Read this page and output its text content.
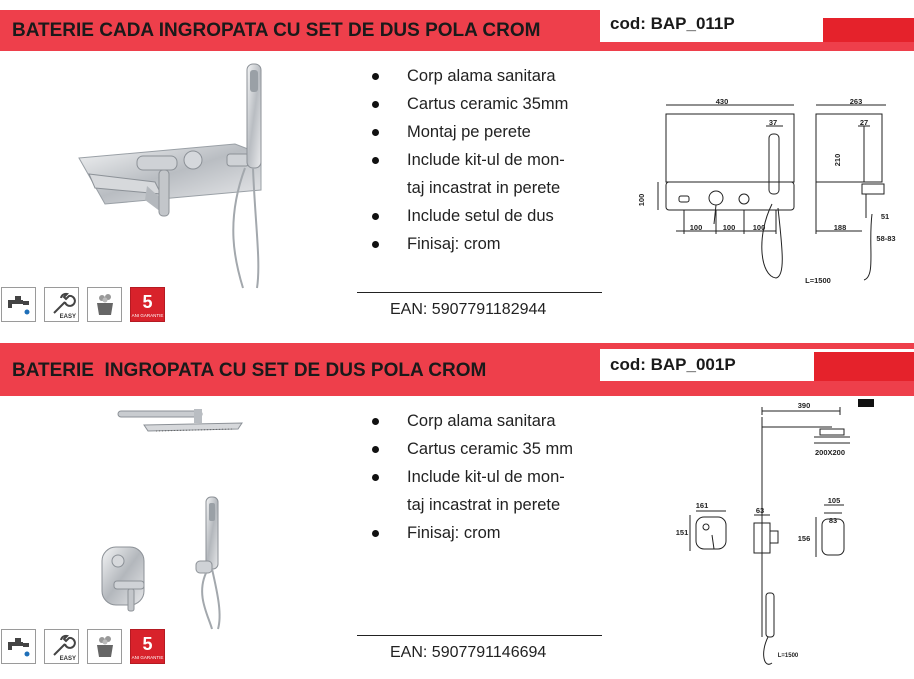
BATERIE CADA INGROPATA CU SET DE DUS POLA CROM	cod: BAP_011P
Corp alama sanitara
Cartus ceramic 35mm
Montaj pe perete
Include kit-ul de mon-
taj incastrat in perete
Include setul de dus
Finisaj: crom
EAN: 5907791182944
EASY
5
ANI GARANTIE
430	263
100
100	100 100
37	27
210
51
188
58-83
L=1500
BATERIE  INGROPATA CU SET DE DUS POLA CROM	cod: BAP_001P
Corp alama sanitara
Cartus ceramic 35 mm
Include kit-ul de mon-
taj incastrat in perete
Finisaj: crom
EAN: 5907791146694
EASY
5
ANI GARANTIE
390
200X200
161
151
63
105
83
156
L=1500
